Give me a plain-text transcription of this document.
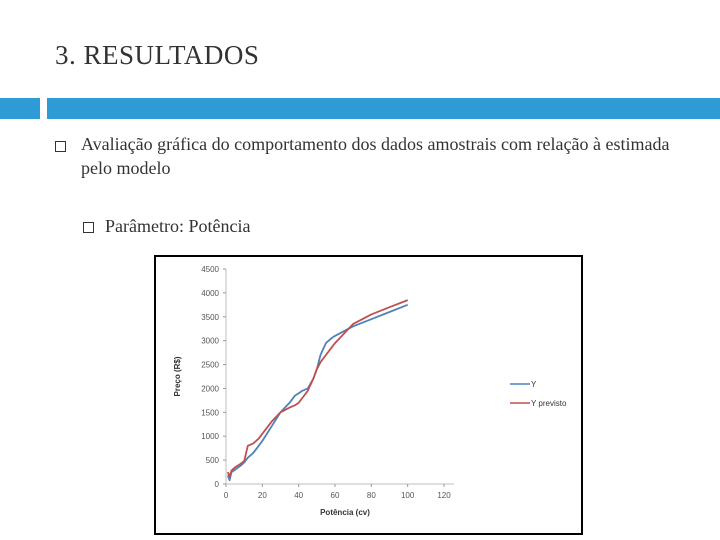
3. RESULTADOS
Avaliação gráfica do comportamento dos dados amostrais com relação à estimada pelo modelo
Parâmetro: Potência
0
500
1000
1500
2000
2500
3000
3500
4000
4500
0	20	40	60	80	100	120
Potência (cv)
Preço (R$)	Y
Y previsto
